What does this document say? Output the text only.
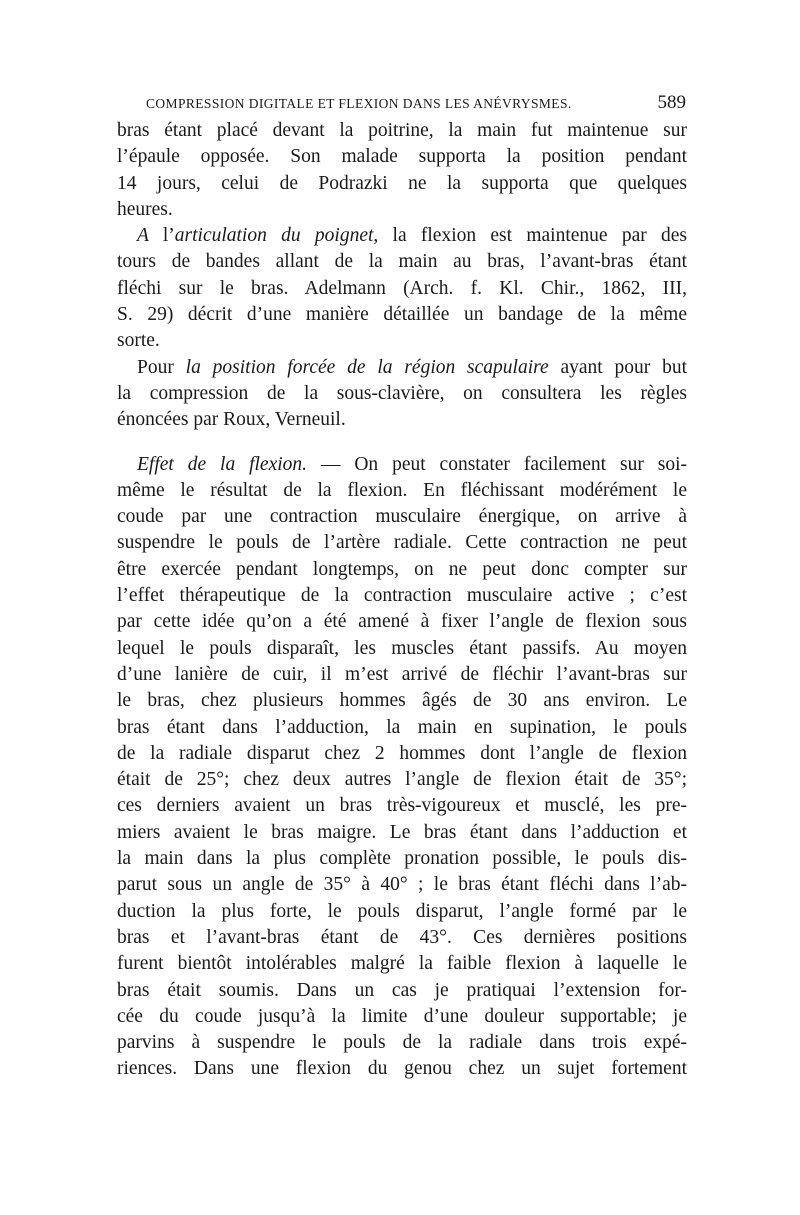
COMPRESSION DIGITALE ET FLEXION DANS LES ANÉVRYSMES.	589
bras étant placé devant la poitrine, la main fut maintenue sur
l’épaule opposée. Son malade supporta la position pendant
14 jours, celui de Podrazki ne la supporta que quelques
heures.
A l’articulation du poignet, la flexion est maintenue par des
tours de bandes allant de la main au bras, l’avant-bras étant
fléchi sur le bras. Adelmann (Arch. f. Kl. Chir., 1862, III,
S. 29) décrit d’une manière détaillée un bandage de la même
sorte.
Pour la position forcée de la région scapulaire ayant pour but
la compression de la sous-clavière, on consultera les règles
énoncées par Roux, Verneuil.
Effet de la flexion. — On peut constater facilement sur soi-
même le résultat de la flexion. En fléchissant modérément le
coude par une contraction musculaire énergique, on arrive à
suspendre le pouls de l’artère radiale. Cette contraction ne peut
être exercée pendant longtemps, on ne peut donc compter sur
l’effet thérapeutique de la contraction musculaire active ; c’est
par cette idée qu’on a été amené à fixer l’angle de flexion sous
lequel le pouls disparaît, les muscles étant passifs. Au moyen
d’une lanière de cuir, il m’est arrivé de fléchir l’avant-bras sur
le bras, chez plusieurs hommes âgés de 30 ans environ. Le
bras étant dans l’adduction, la main en supination, le pouls
de la radiale disparut chez 2 hommes dont l’angle de flexion
était de 25°; chez deux autres l’angle de flexion était de 35°;
ces derniers avaient un bras très-vigoureux et musclé, les pre-
miers avaient le bras maigre. Le bras étant dans l’adduction et
la main dans la plus complète pronation possible, le pouls dis-
parut sous un angle de 35° à 40° ; le bras étant fléchi dans l’ab-
duction la plus forte, le pouls disparut, l’angle formé par le
bras et l’avant-bras étant de 43°. Ces dernières positions
furent bientôt intolérables malgré la faible flexion à laquelle le
bras était soumis. Dans un cas je pratiquai l’extension for-
cée du coude jusqu’à la limite d’une douleur supportable; je
parvins à suspendre le pouls de la radiale dans trois expé-
riences. Dans une flexion du genou chez un sujet fortement
